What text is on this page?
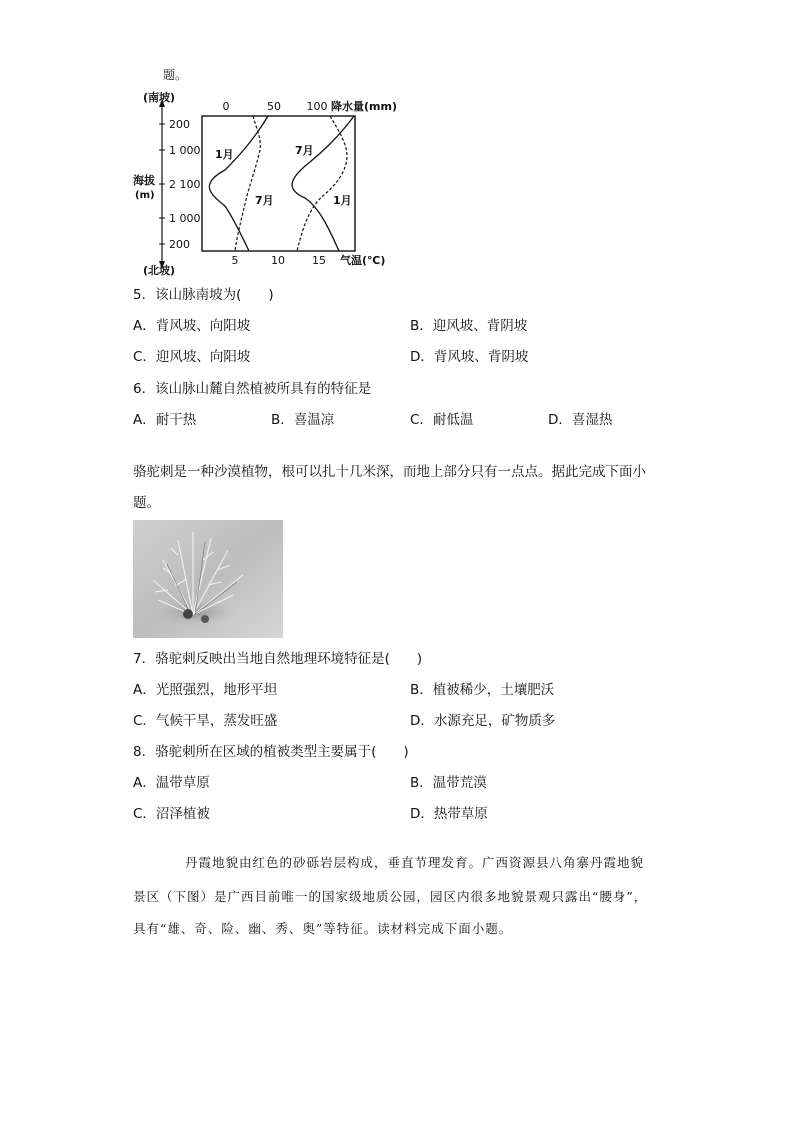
题。
(南坡)
(北坡)
海拔
(m)
200
1 000
2 100
1 000
200
0	50 100 降水量(mm)
5	10 15 气温(℃)
1月
7月
7月
1月
5．该山脉南坡为(　　)
A．背风坡、向阳坡	B．迎风坡、背阴坡
C．迎风坡、向阳坡	D．背风坡、背阴坡
6．该山脉山麓自然植被所具有的特征是
A．耐干热	B．喜温凉	C．耐低温	D．喜湿热
骆驼刺是一种沙漠植物，根可以扎十几米深，而地上部分只有一点点。据此完成下面小
题。
7．骆驼刺反映出当地自然地理环境特征是(　　)
A．光照强烈，地形平坦	B．植被稀少，土壤肥沃
C．气候干旱，蒸发旺盛	D．水源充足，矿物质多
8．骆驼刺所在区域的植被类型主要属于(　　)
A．温带草原	B．温带荒漠
C．沼泽植被	D．热带草原
丹霞地貌由红色的砂砾岩层构成，垂直节理发育。广西资源县八角寨丹霞地貌
景区（下图）是广西目前唯一的国家级地质公园，园区内很多地貌景观只露出“腰身”，
具有“雄、奇、险、幽、秀、奥”等特征。读材料完成下面小题。
